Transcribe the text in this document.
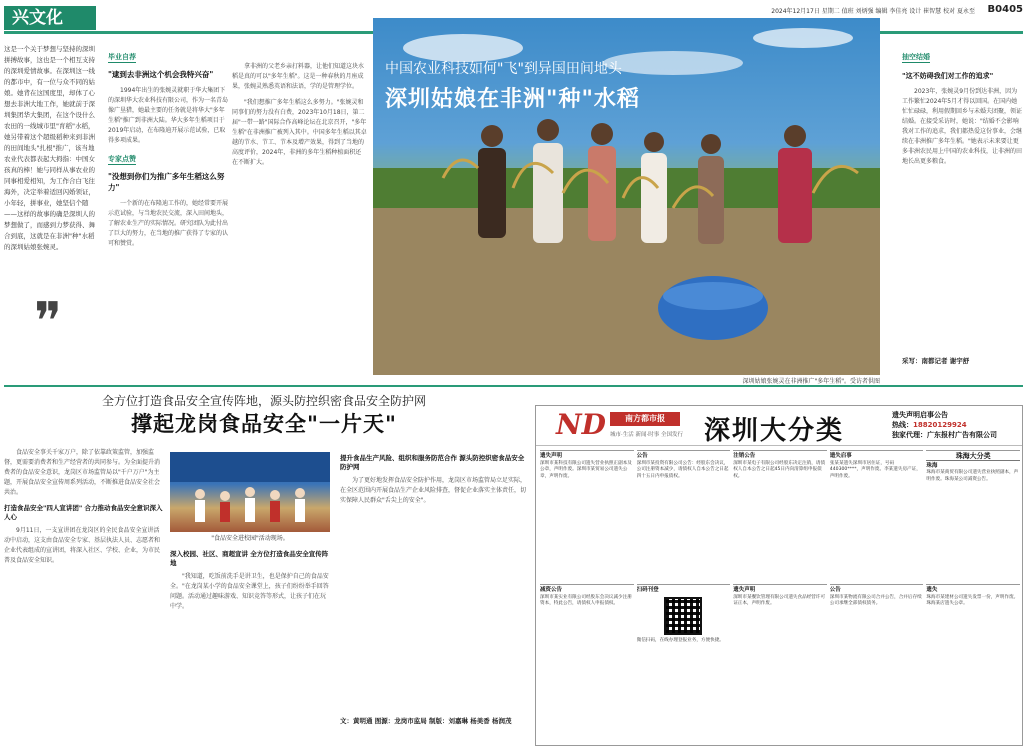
兴文化	2024年12月17日 星期二 值班 刘炳强 编辑 李佳亮 设计 崔智慧 校对 夏永至 B0405

这是一个关于梦想与坚持的深圳拼搏故事，这也是一个相互支持的深圳爱情故事。在深圳这一线的都市中，有一位与众不同的姑娘。她背在这国度里，却体了心想去非洲大地工作，她就前于深圳集团华大集团，在这个设什么农田的一线城市里"育稻"水稻，她另带着这个超级稻种来到非洲的田间地头"扎根"推广，该当地农业代表都表起大拇指：中国女孩真的棒！她与同样从事农业的同事相爱相知，为工作合白飞往海外，决定举着适回闪婚领证，小年轻，拼事业，她坚信个随——这样的故事的确是深圳人的梦想做了，而感到力梦获得、舞合到底，这就是在非洲"种"水稻的深圳姑娘张婉灵。

❞
毕业自荐
"逮到去非洲这个机会我特兴奋"

1994年出生的张婉灵就职于华大集团下的深圳华大农业科技有限公司，作为一名青岛像广垦猎，她最主要的任务就是将华大"多年生稻"推广到非洲大陆。华大多年生稻项目于2019年启动，在布隆迪开展示范试验，已取得多项成果。

专家点赞
"没想到你们为推广多年生稻这么努力"

一个新的在布隆迪工作的，她经常要开展示范试验，与当地农民交流，深入田间地头，了解农业生产的实际情况。研究团队为此付出了巨大的努力，在当地的推广获得了专家的认可和赞赏。

拿非洲的父老乡亲打料器，让他们知道这块水稻是真的可以"多年生稻"。这是一种春秋的月座成果，张婉灵熟悉英语和法语，学的是管理学位。

"我们想推广多年生稻这么多努力。"张婉灵和同事们的努力没有白费，2023年10月18日，第二届"一带一路"国际合作高峰论坛在北京召开，"多年生稻"在非洲推广被列入其中。中国多年生稻以其卓越的节水、节工、节本及增产效果，得到了当地的高度评价，2024年，非洲的多年生稻种植面积还在不断扩大。

中国农业科技如何"飞"到异国田间地头
深圳姑娘在非洲"种"水稻
深圳姑娘张婉灵在非洲推广"多年生稻"。受访者供图
抽空结婚
"这不妨碍我们对工作的追求"

2023年，张婉灵9月份到达非洲，因为工作繁忙2024年5月才得以回国。在国内她忙忙碌碌，利用假期回乡与未婚夫团聚，领证结婚。在接受采访时，她说："结婚不会影响我对工作的追求，我们都热爱这份事业，会继续在非洲推广多年生稻。"她表示未来要让更多非洲农民用上中国的农业科技，让非洲的田地长出更多粮食。

采写：南都记者 谢宇舒
全方位打造食品安全宣传阵地，源头防控织密食品安全防护网
撑起龙岗食品安全"一片天"

食品安全事关千家万户，除了依靠政策监管，加强监督，更需要消费者和生产经营者的共同参与。为全面提升消费者的食品安全意识，龙岗区市场监管局以"千户万户"为主题，开展食品安全宣传周系列活动，不断推进食品安全社会共治。

打造食品安全"四人宣讲团" 合力推动食品安全意识深入人心

9月11日，一支宣讲团在龙岗区的全民食品安全宣讲活动中启动，这支由食品安全专家、基层执法人员、志愿者和企业代表组成的宣讲团，将深入社区、学校、企业，为市民普及食品安全知识。

"食品安全进校园"活动现场。
深入校园、社区、商超宣讲 全方位打造食品安全宣传阵地

"我知道，吃饭前洗手是讲卫生，也是保护自己的食品安全。"在龙岗某小学的食品安全课堂上，孩子们纷纷举手回答问题。活动通过趣味游戏、知识竞答等形式，让孩子们在玩中学。

提升食品生产风险、组织和服务防范合作 源头防控织密食品安全防护网

为了更好地发挥食品安全防护作用，龙岗区市场监管局立足实际，在全区范围内开展食品生产企业风险排查，督促企业落实主体责任，切实保障人民群众"舌尖上的安全"。

文：黄明通 图源：龙岗市监局 制版：刘嘉琳 杨美香 杨润茂
ND	南方都市报
城市·生活 新闻·时事 全国发行 深圳大分类
遗失声明启事公告
热线：18820129924
独家代理：广东报村广告有限公司
遗失声明
深圳市某科技有限公司遗失营业执照正副本及公章，声明作废。深圳市某贸易公司遗失公章，声明作废。
公告
深圳市某投资有限公司公告：经股东会决议，公司注册资本减少，请债权人自本公告之日起四十五日内申报债权。
注销公告
深圳市某电子有限公司经股东决定注销，请债权人自本公告之日起45日内向清算组申报债权。
遗失启事
张某某遗失深圳市居住证，号码440300****，声明作废。李某遗失房产证，声明作废。
珠海大分类
珠海
珠海市某商贸有限公司遗失营业执照副本，声明作废。珠海某公司减资公告。
减资公告
深圳市某实业有限公司经股东会决议减少注册资本，特此公告，请债权人申报债权。
扫码刊登
微信扫码，在线办理登报业务，方便快捷。
遗失声明
深圳市某餐饮管理有限公司遗失食品经营许可证正本，声明作废。
公告
深圳市某物流有限公司合并公告，合并后存续公司承继全部债权债务。
遗失
珠海市某建材公司遗失发票一份，声明作废。珠海某店遗失公章。
